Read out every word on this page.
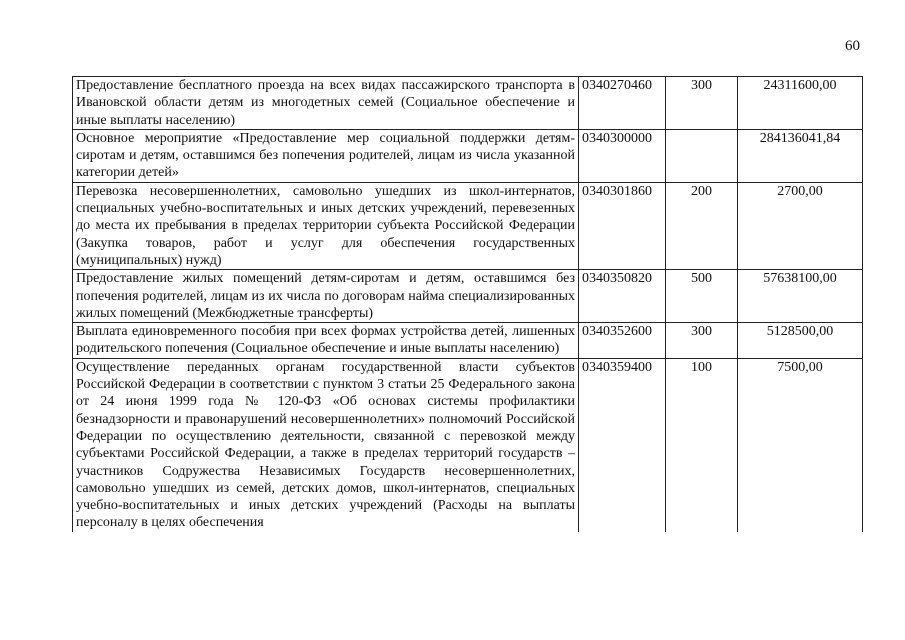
60
Предоставление бесплатного проезда на всех видах пассажирского транспорта в Ивановской области детям из многодетных семей (Социальное обеспечение и иные выплаты населению)	0340270460	300	24311600,00
Основное мероприятие «Предоставление мер социальной поддержки детям-сиротам и детям, оставшимся без попечения родителей, лицам из числа указанной категории детей»	0340300000		284136041,84
Перевозка несовершеннолетних, самовольно ушедших из школ-интернатов, специальных учебно-воспитательных и иных детских учреждений, перевезенных до места их пребывания в пределах территории субъекта Российской Федерации (Закупка товаров, работ и услуг для обеспечения государственных (муниципальных) нужд)	0340301860	200	2700,00
Предоставление жилых помещений детям-сиротам и детям, оставшимся без попечения родителей, лицам из их числа по договорам найма специализированных жилых помещений (Межбюджетные трансферты)	0340350820	500	57638100,00
Выплата единовременного пособия при всех формах устройства детей, лишенных родительского попечения (Социальное обеспечение и иные выплаты населению)	0340352600	300	5128500,00
Осуществление переданных органам государственной власти субъектов Российской Федерации в соответствии с пунктом 3 статьи 25 Федерального закона от 24 июня 1999 года № 120-ФЗ «Об основах системы профилактики безнадзорности и правонарушений несовершеннолетних» полномочий Российской Федерации по осуществлению деятельности, связанной с перевозкой между субъектами Российской Федерации, а также в пределах территорий государств – участников Содружества Независимых Государств несовершеннолетних, самовольно ушедших из семей, детских домов, школ-интернатов, специальных учебно-воспитательных и иных детских учреждений (Расходы на выплаты персоналу в целях обеспечения	0340359400	100	7500,00
